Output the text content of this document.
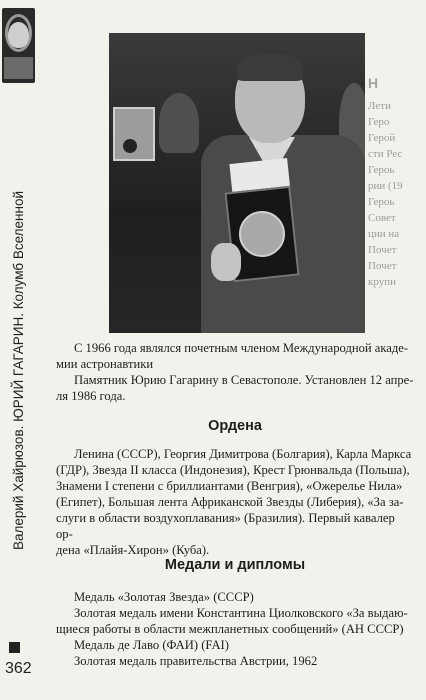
Валерий Хайрюзов. ЮРИЙ ГАГАРИН. Колумб Вселенной
362
Н
Лети
Геро
Герой
сти Рес
Героь
рии (19
Героь
Совет
ции на
Почет
Почет
крупн
С 1966 года являлся почетным членом Международной акаде-
мии астронавтики
Памятник Юрию Гагарину в Севастополе. Установлен 12 апре-
ля 1986 года.
Ордена
Ленина (СССР), Георгия Димитрова (Болгария), Карла Маркса
(ГДР), Звезда II класса (Индонезия), Крест Грюнвальда (Польша),
Знамени I степени с бриллиантами (Венгрия), «Ожерелье Нила»
(Египет), Большая лента Африканской Звезды (Либерия), «За за-
слуги в области воздухоплавания» (Бразилия). Первый кавалер ор-
дена «Плайя-Хирон» (Куба).
Медали и дипломы
Медаль «Золотая Звезда» (СССР)
Золотая медаль имени Константина Циолковского «За выдаю-
щиеся работы в области межпланетных сообщений» (АН СССР)
Медаль де Лаво (ФАИ) (FAI)
Золотая медаль правительства Австрии, 1962
